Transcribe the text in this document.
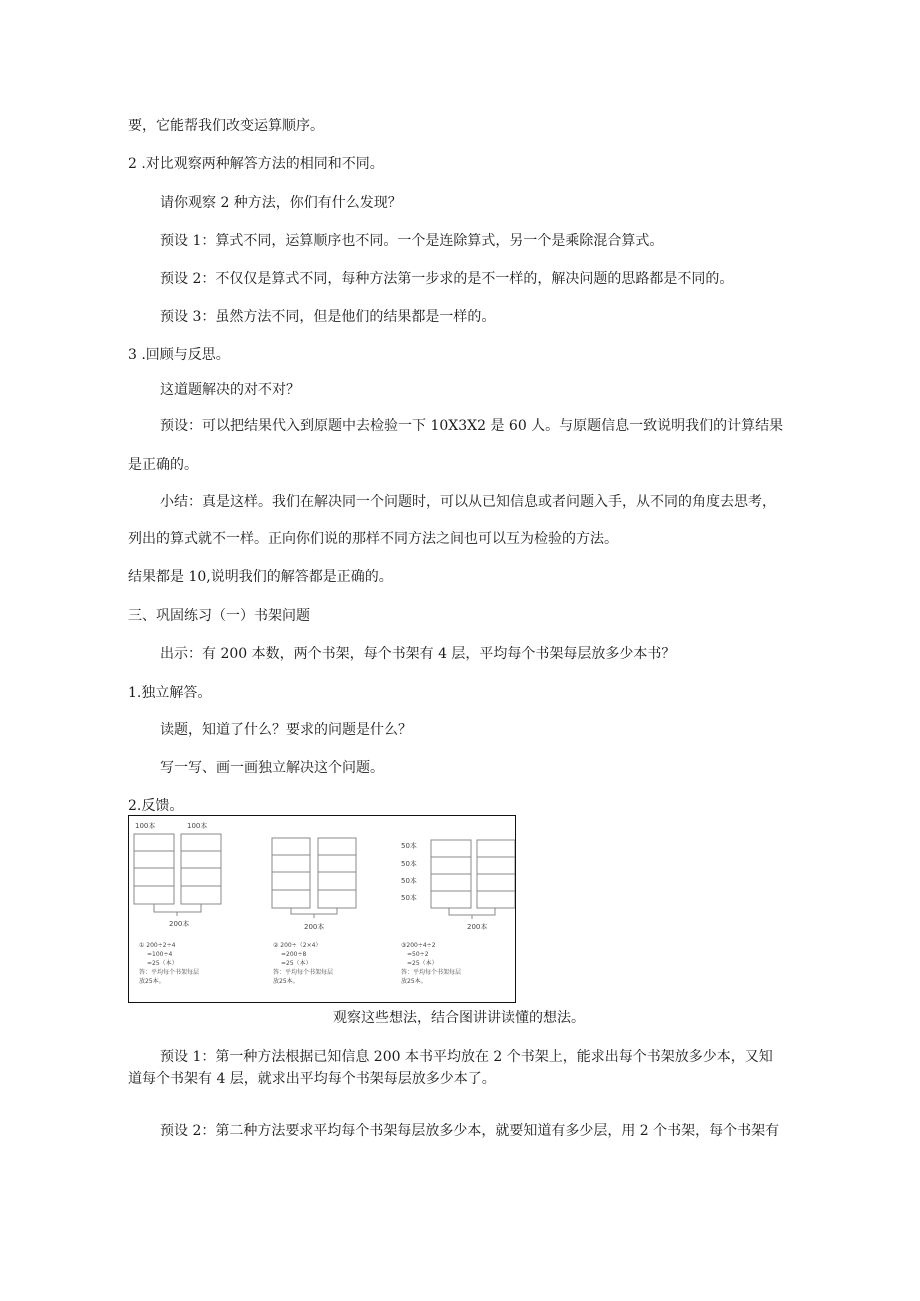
要，它能帮我们改变运算顺序。
2 .对比观察两种解答方法的相同和不同。
请你观察 2 种方法，你们有什么发现？
预设 1：算式不同，运算顺序也不同。一个是连除算式，另一个是乘除混合算式。
预设 2：不仅仅是算式不同，每种方法第一步求的是不一样的，解决问题的思路都是不同的。
预设 3：虽然方法不同，但是他们的结果都是一样的。
3 .回顾与反思。
这道题解决的对不对？
预设：可以把结果代入到原题中去检验一下 10X3X2 是 60 人。与原题信息一致说明我们的计算结果
是正确的。
小结：真是这样。我们在解决同一个问题时，可以从已知信息或者问题入手，从不同的角度去思考，
列出的算式就不一样。正向你们说的那样不同方法之间也可以互为检验的方法。
结果都是 10,说明我们的解答都是正确的。
三、巩固练习（一）书架问题
出示：有 200 本数，两个书架，每个书架有 4 层，平均每个书架每层放多少本书？
1.独立解答。
读题，知道了什么？要求的问题是什么？
写一写、画一画独立解决这个问题。
2.反馈。
100本	100本
200本
① 200÷2÷4
=100÷4
=25（本）
答：平均每个书架每层
放25本。
200本
② 200÷（2×4）
=200÷8
=25（本）
答：平均每个书架每层
放25本。
50本
50本
50本
50本
200本
③200÷4÷2
=50÷2
=25（本）
答：平均每个书架每层
放25本。
观察这些想法，结合图讲讲读懂的想法。
预设 1：第一种方法根据已知信息 200 本书平均放在 2 个书架上，能求出每个书架放多少本，又知
道每个书架有 4 层，就求出平均每个书架每层放多少本了。
预设 2：第二种方法要求平均每个书架每层放多少本，就要知道有多少层，用 2 个书架，每个书架有
